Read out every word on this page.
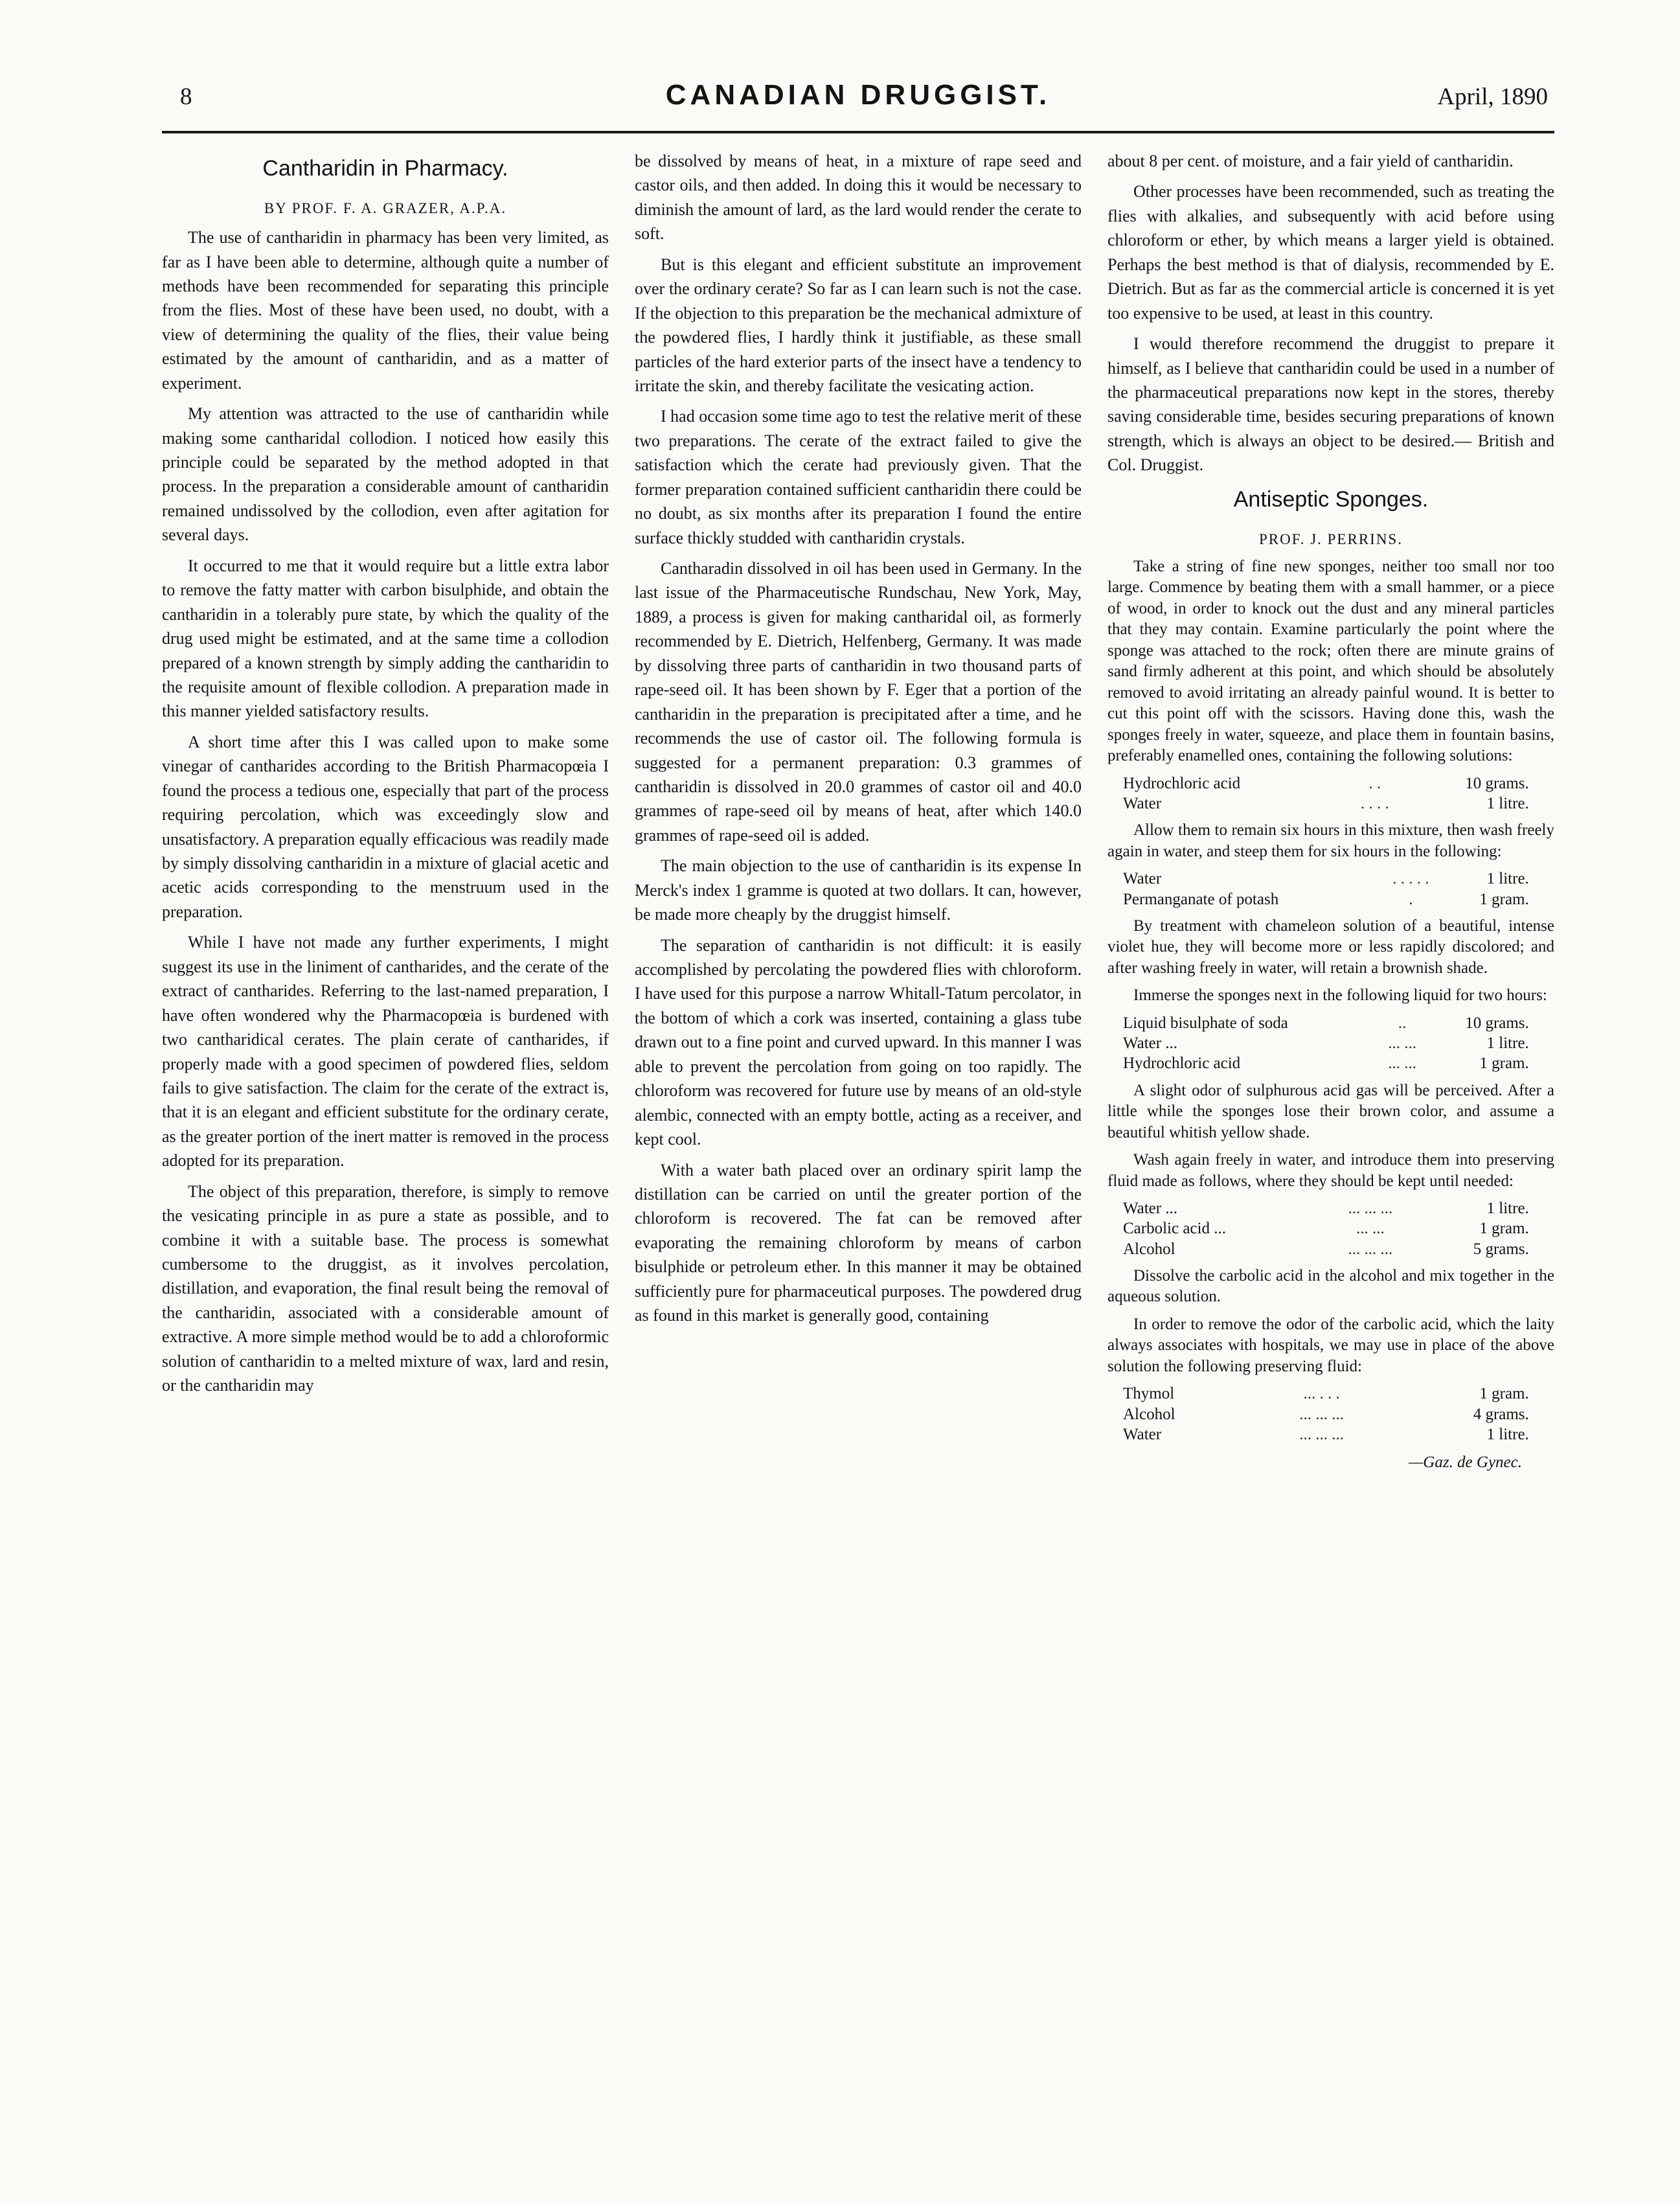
8	CANADIAN DRUGGIST.	April, 1890
Cantharidin in Pharmacy.
BY PROF. F. A. GRAZER, A.P.A.

The use of cantharidin in pharmacy has been very limited, as far as I have been able to determine, although quite a number of methods have been recommended for separating this principle from the flies. Most of these have been used, no doubt, with a view of determining the quality of the flies, their value being estimated by the amount of cantharidin, and as a matter of experiment.

My attention was attracted to the use of cantharidin while making some cantharidal collodion. I noticed how easily this principle could be separated by the method adopted in that process. In the preparation a considerable amount of cantharidin remained undissolved by the collodion, even after agitation for several days.

It occurred to me that it would require but a little extra labor to remove the fatty matter with carbon bisulphide, and obtain the cantharidin in a tolerably pure state, by which the quality of the drug used might be estimated, and at the same time a collodion prepared of a known strength by simply adding the cantharidin to the requisite amount of flexible collodion. A preparation made in this manner yielded satisfactory results.

A short time after this I was called upon to make some vinegar of cantharides according to the British Pharmacopœia I found the process a tedious one, especially that part of the process requiring percolation, which was exceedingly slow and unsatisfactory. A preparation equally efficacious was readily made by simply dissolving cantharidin in a mixture of glacial acetic and acetic acids corresponding to the menstruum used in the preparation.

While I have not made any further experiments, I might suggest its use in the liniment of cantharides, and the cerate of the extract of cantharides. Referring to the last-named preparation, I have often wondered why the Pharmacopœia is burdened with two cantharidical cerates. The plain cerate of cantharides, if properly made with a good specimen of powdered flies, seldom fails to give satisfaction. The claim for the cerate of the extract is, that it is an elegant and efficient substitute for the ordinary cerate, as the greater portion of the inert matter is removed in the process adopted for its preparation.

The object of this preparation, therefore, is simply to remove the vesicating principle in as pure a state as possible, and to combine it with a suitable base. The process is somewhat cumbersome to the druggist, as it involves percolation, distillation, and evaporation, the final result being the removal of the cantharidin, associated with a considerable amount of extractive. A more simple method would be to add a chloroformic solution of cantharidin to a melted mixture of wax, lard and resin, or the cantharidin may

be dissolved by means of heat, in a mixture of rape seed and castor oils, and then added. In doing this it would be necessary to diminish the amount of lard, as the lard would render the cerate to soft.

But is this elegant and efficient substitute an improvement over the ordinary cerate? So far as I can learn such is not the case. If the objection to this preparation be the mechanical admixture of the powdered flies, I hardly think it justifiable, as these small particles of the hard exterior parts of the insect have a tendency to irritate the skin, and thereby facilitate the vesicating action.

I had occasion some time ago to test the relative merit of these two preparations. The cerate of the extract failed to give the satisfaction which the cerate had previously given. That the former preparation contained sufficient cantharidin there could be no doubt, as six months after its preparation I found the entire surface thickly studded with cantharidin crystals.

Cantharadin dissolved in oil has been used in Germany. In the last issue of the Pharmaceutische Rundschau, New York, May, 1889, a process is given for making cantharidal oil, as formerly recommended by E. Dietrich, Helfenberg, Germany. It was made by dissolving three parts of cantharidin in two thousand parts of rape-seed oil. It has been shown by F. Eger that a portion of the cantharidin in the preparation is precipitated after a time, and he recommends the use of castor oil. The following formula is suggested for a permanent preparation: 0.3 grammes of cantharidin is dissolved in 20.0 grammes of castor oil and 40.0 grammes of rape-seed oil by means of heat, after which 140.0 grammes of rape-seed oil is added.

The main objection to the use of cantharidin is its expense In Merck's index 1 gramme is quoted at two dollars. It can, however, be made more cheaply by the druggist himself.

The separation of cantharidin is not difficult: it is easily accomplished by percolating the powdered flies with chloroform. I have used for this purpose a narrow Whitall-Tatum percolator, in the bottom of which a cork was inserted, containing a glass tube drawn out to a fine point and curved upward. In this manner I was able to prevent the percolation from going on too rapidly. The chloroform was recovered for future use by means of an old-style alembic, connected with an empty bottle, acting as a receiver, and kept cool.

With a water bath placed over an ordinary spirit lamp the distillation can be carried on until the greater portion of the chloroform is recovered. The fat can be removed after evaporating the remaining chloroform by means of carbon bisulphide or petroleum ether. In this manner it may be obtained sufficiently pure for pharmaceutical purposes. The powdered drug as found in this market is generally good, containing

about 8 per cent. of moisture, and a fair yield of cantharidin.

Other processes have been recommended, such as treating the flies with alkalies, and subsequently with acid before using chloroform or ether, by which means a larger yield is obtained. Perhaps the best method is that of dialysis, recommended by E. Dietrich. But as far as the commercial article is concerned it is yet too expensive to be used, at least in this country.

I would therefore recommend the druggist to prepare it himself, as I believe that cantharidin could be used in a number of the pharmaceutical preparations now kept in the stores, thereby saving considerable time, besides securing preparations of known strength, which is always an object to be desired.— British and Col. Druggist.

Antiseptic Sponges.
PROF. J. PERRINS.

Take a string of fine new sponges, neither too small nor too large. Commence by beating them with a small hammer, or a piece of wood, in order to knock out the dust and any mineral particles that they may contain. Examine particularly the point where the sponge was attached to the rock; often there are minute grains of sand firmly adherent at this point, and which should be absolutely removed to avoid irritating an already painful wound. It is better to cut this point off with the scissors. Having done this, wash the sponges freely in water, squeeze, and place them in fountain basins, preferably enamelled ones, containing the following solutions:

Hydrochloric acid	. .	10 grams.
Water	. . . .	1 litre.

Allow them to remain six hours in this mixture, then wash freely again in water, and steep them for six hours in the following:

Water	. . . . .	1 litre.
Permanganate of potash	.	1 gram.

By treatment with chameleon solution of a beautiful, intense violet hue, they will become more or less rapidly discolored; and after washing freely in water, will retain a brownish shade.

Immerse the sponges next in the following liquid for two hours:

Liquid bisulphate of soda	..	10 grams.
Water ...	... ...	1 litre.
Hydrochloric acid	... ...	1 gram.

A slight odor of sulphurous acid gas will be perceived. After a little while the sponges lose their brown color, and assume a beautiful whitish yellow shade.

Wash again freely in water, and introduce them into preserving fluid made as follows, where they should be kept until needed:

Water ...	... ... ...	1 litre.
Carbolic acid ...	... ...	1 gram.
Alcohol	... ... ...	5 grams.

Dissolve the carbolic acid in the alcohol and mix together in the aqueous solution.

In order to remove the odor of the carbolic acid, which the laity always associates with hospitals, we may use in place of the above solution the following preserving fluid:

Thymol	... . . .	1 gram.
Alcohol	... ... ...	4 grams.
Water	... ... ...	1 litre.
—Gaz. de Gynec.
